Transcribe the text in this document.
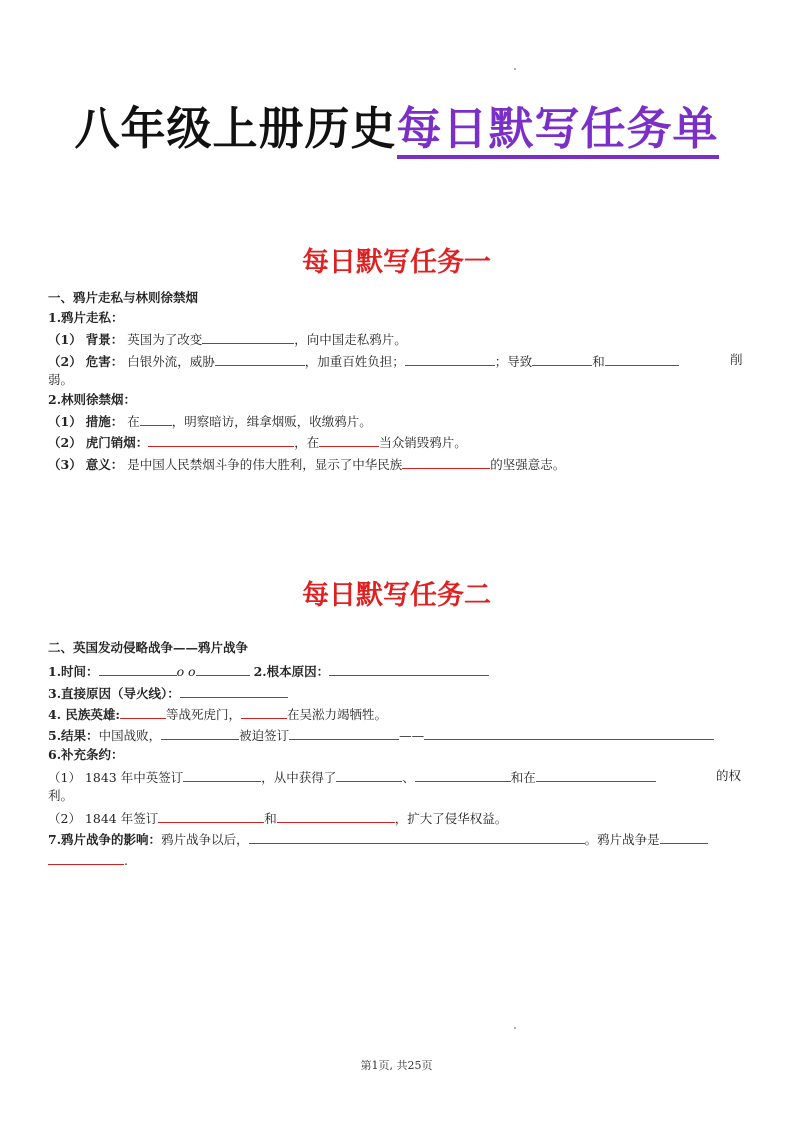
八年级上册历史每日默写任务单
每日默写任务一
一、鸦片走私与林则徐禁烟
1.鸦片走私：
（1） 背景： 英国为了改变	，向中国走私鸦片。
（2） 危害： 白银外流，威胁	，加重百姓负担；	；导致	和	削
弱。
2.林则徐禁烟：
（1） 措施： 在	，明察暗访，缉拿烟贩，收缴鸦片。
（2） 虎门销烟：	，在	当众销毁鸦片。
（3） 意义： 是中国人民禁烟斗争的伟大胜利，显示了中华民族	的坚强意志。
每日默写任务二
二、英国发动侵略战争——鸦片战争
1.时间：	o o	2.根本原因：
3.直接原因（导火线）：
4. 民族英雄:	等战死虎门，	在吴淞力竭牺牲。
5.结果：中国战败，	被迫签订	——
6.补充条约：
（1） 1843 年中英签订	，从中获得了	、	和在	的权
利。
（2） 1844 年签订	和	，扩大了侵华权益。
7.鸦片战争的影响：鸦片战争以后，	。鸦片战争是
.
第1页, 共25页
